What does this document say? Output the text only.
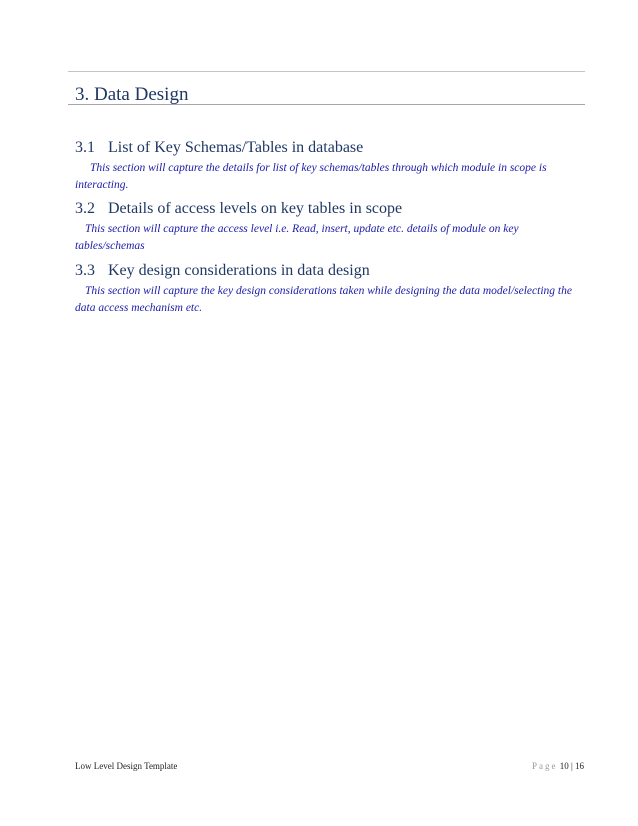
3. Data Design
3.1 List of Key Schemas/Tables in database

This section will capture the details for list of key schemas/tables through which module in scope is interacting.

3.2 Details of access levels on key tables in scope

This section will capture the access level i.e. Read, insert, update etc. details of module on key tables/schemas

3.3 Key design considerations in data design

This section will capture the key design considerations taken while designing the data model/selecting the data access mechanism etc.

Low Level Design Template	Page 10 | 16
